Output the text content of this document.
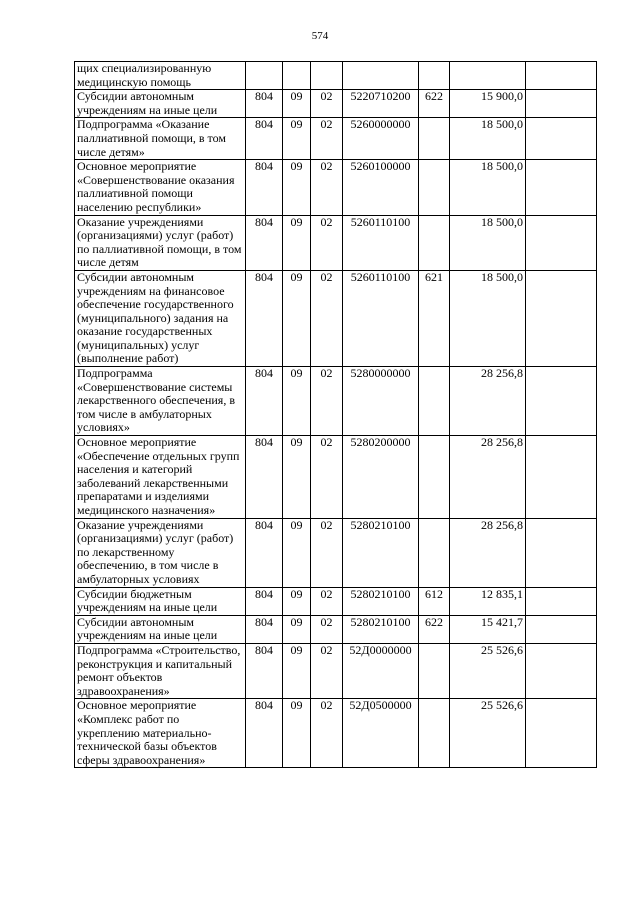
574
щих специализированную медицинскую помощь							
Субсидии автономным учреждениям на иные цели	804	09	02	5220710200	622	15 900,0	
Подпрограмма «Оказание паллиативной помощи, в том числе детям»	804	09	02	5260000000		18 500,0	
Основное мероприятие «Совершенствование оказания паллиативной помощи населению республики»	804	09	02	5260100000		18 500,0	
Оказание учреждениями (организациями) услуг (работ) по паллиативной помощи, в том числе детям	804	09	02	5260110100		18 500,0	
Субсидии автономным учреждениям на финансовое обеспечение государственного (муниципального) задания на оказание государственных (муниципальных) услуг (выполнение работ)	804	09	02	5260110100	621	18 500,0	
Подпрограмма «Совершенствование системы лекарственного обеспечения, в том числе в амбулаторных условиях»	804	09	02	5280000000		28 256,8	
Основное мероприятие «Обеспечение отдельных групп населения и категорий заболеваний лекарственными препаратами и изделиями медицинского назначения»	804	09	02	5280200000		28 256,8	
Оказание учреждениями (организациями) услуг (работ) по лекарственному обеспечению, в том числе в амбулаторных условиях	804	09	02	5280210100		28 256,8	
Субсидии бюджетным учреждениям на иные цели	804	09	02	5280210100	612	12 835,1	
Субсидии автономным учреждениям на иные цели	804	09	02	5280210100	622	15 421,7	
Подпрограмма «Строительство, реконструкция и капитальный ремонт объектов здравоохранения»	804	09	02	52Д0000000		25 526,6	
Основное мероприятие «Комплекс работ по укреплению материально-технической базы объектов сферы здравоохранения»	804	09	02	52Д0500000		25 526,6	
